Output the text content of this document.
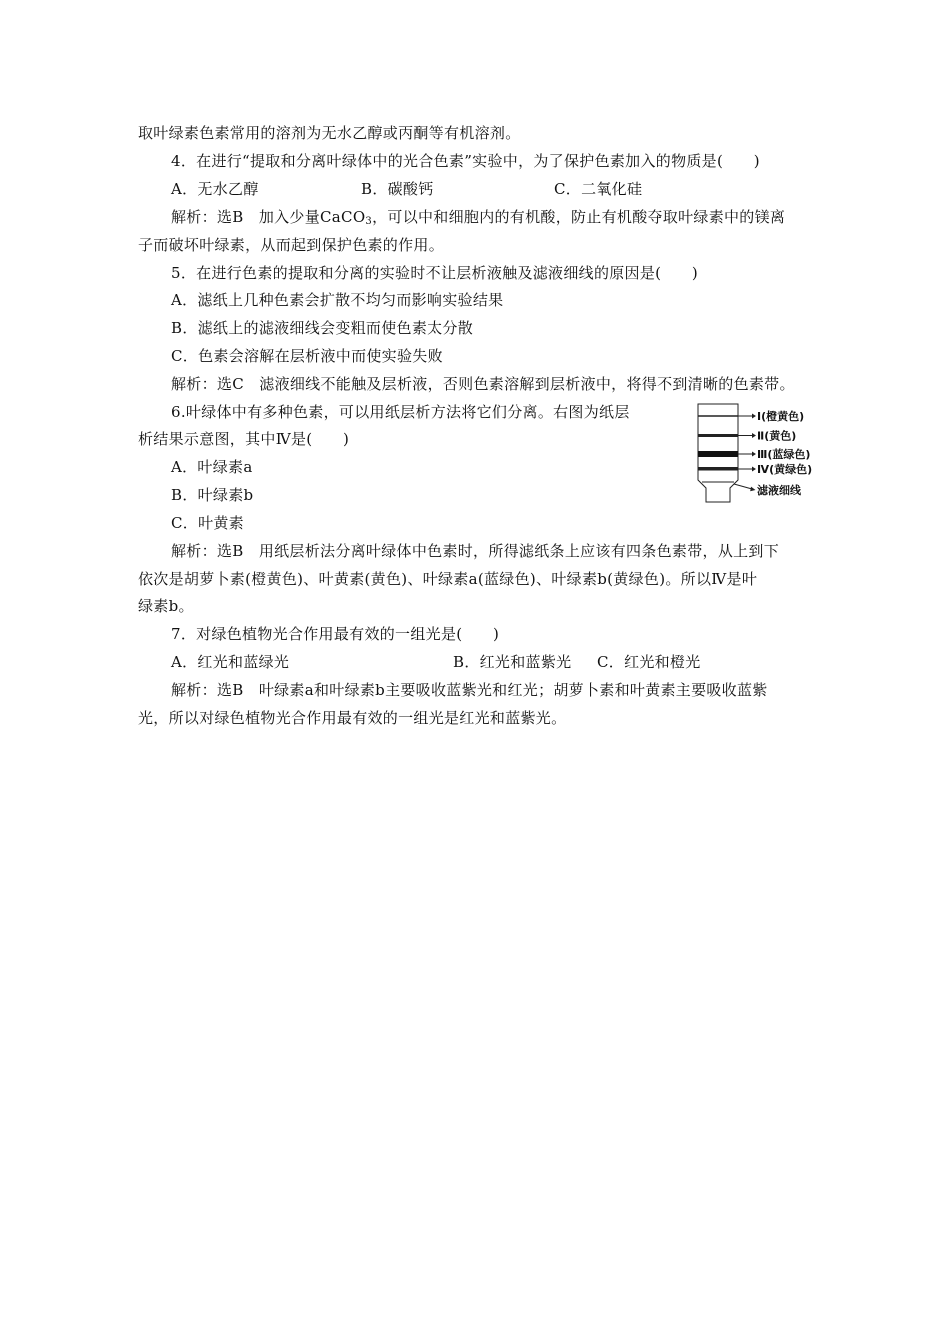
取叶绿素色素常用的溶剂为无水乙醇或丙酮等有机溶剂。
4．在进行“提取和分离叶绿体中的光合色素”实验中，为了保护色素加入的物质是(　　)
A．无水乙醇	B．碳酸钙	C．二氧化硅
解析：选B　加入少量CaCO$_3$，可以中和细胞内的有机酸，防止有机酸夺取叶绿素中的镁离
子而破坏叶绿素，从而起到保护色素的作用。
5．在进行色素的提取和分离的实验时不让层析液触及滤液细线的原因是(　　)
A．滤纸上几种色素会扩散不均匀而影响实验结果
B．滤纸上的滤液细线会变粗而使色素太分散
C．色素会溶解在层析液中而使实验失败
解析：选C　滤液细线不能触及层析液，否则色素溶解到层析液中，将得不到清晰的色素带。
6.叶绿体中有多种色素，可以用纸层析方法将它们分离。右图为纸层
析结果示意图，其中Ⅳ是(　　)
A．叶绿素a
B．叶绿素b
C．叶黄素
Ⅰ(橙黄色)
Ⅱ(黄色)
Ⅲ(蓝绿色)
Ⅳ(黄绿色)
滤液细线
解析：选B　用纸层析法分离叶绿体中色素时，所得滤纸条上应该有四条色素带，从上到下
依次是胡萝卜素(橙黄色)、叶黄素(黄色)、叶绿素a(蓝绿色)、叶绿素b(黄绿色)。所以Ⅳ是叶
绿素b。
7．对绿色植物光合作用最有效的一组光是(　　)
A．红光和蓝绿光	B．红光和蓝紫光 C．红光和橙光
解析：选B　叶绿素a和叶绿素b主要吸收蓝紫光和红光；胡萝卜素和叶黄素主要吸收蓝紫
光，所以对绿色植物光合作用最有效的一组光是红光和蓝紫光。
